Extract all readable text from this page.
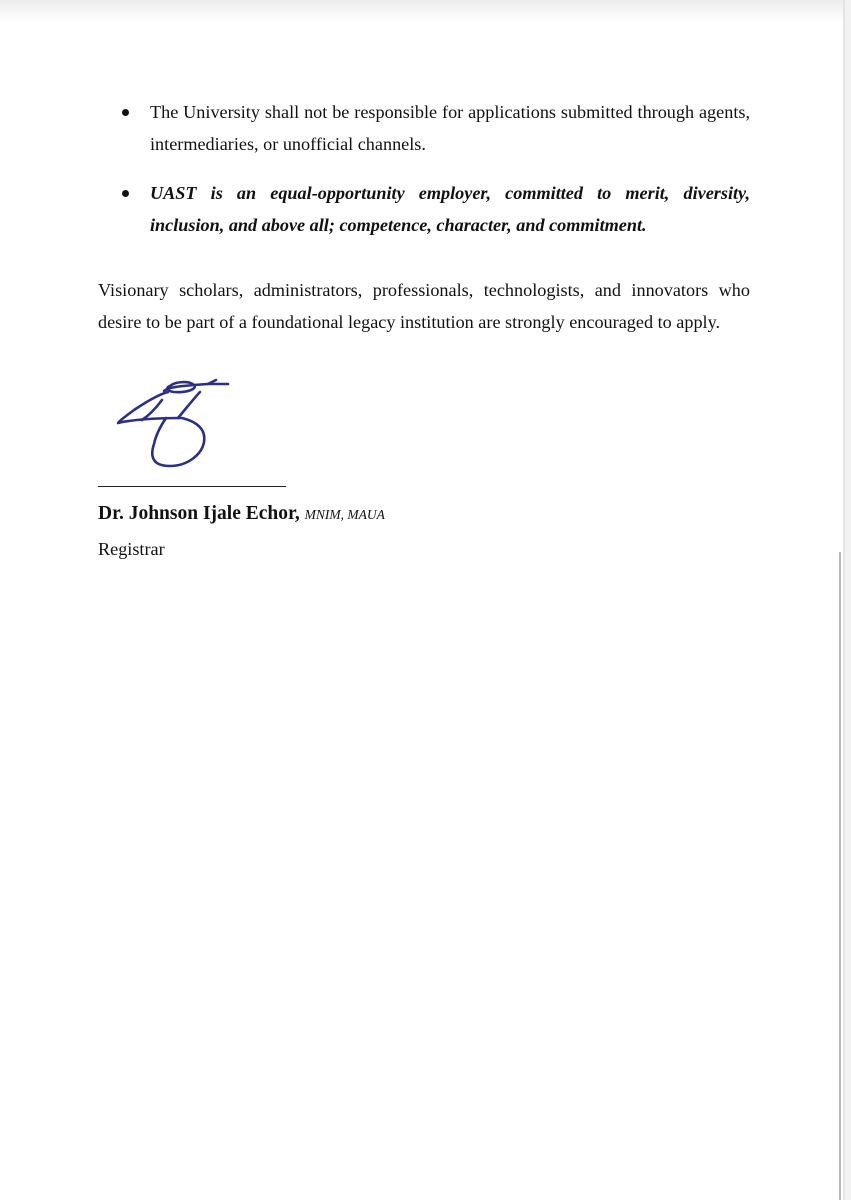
The University shall not be responsible for applications submitted through agents, intermediaries, or unofficial channels.
UAST is an equal-opportunity employer, committed to merit, diversity, inclusion, and above all; competence, character, and commitment.

Visionary scholars, administrators, professionals, technologists, and innovators who desire to be part of a foundational legacy institution are strongly encouraged to apply.

Dr. Johnson Ijale Echor, MNIM, MAUA

Registrar
